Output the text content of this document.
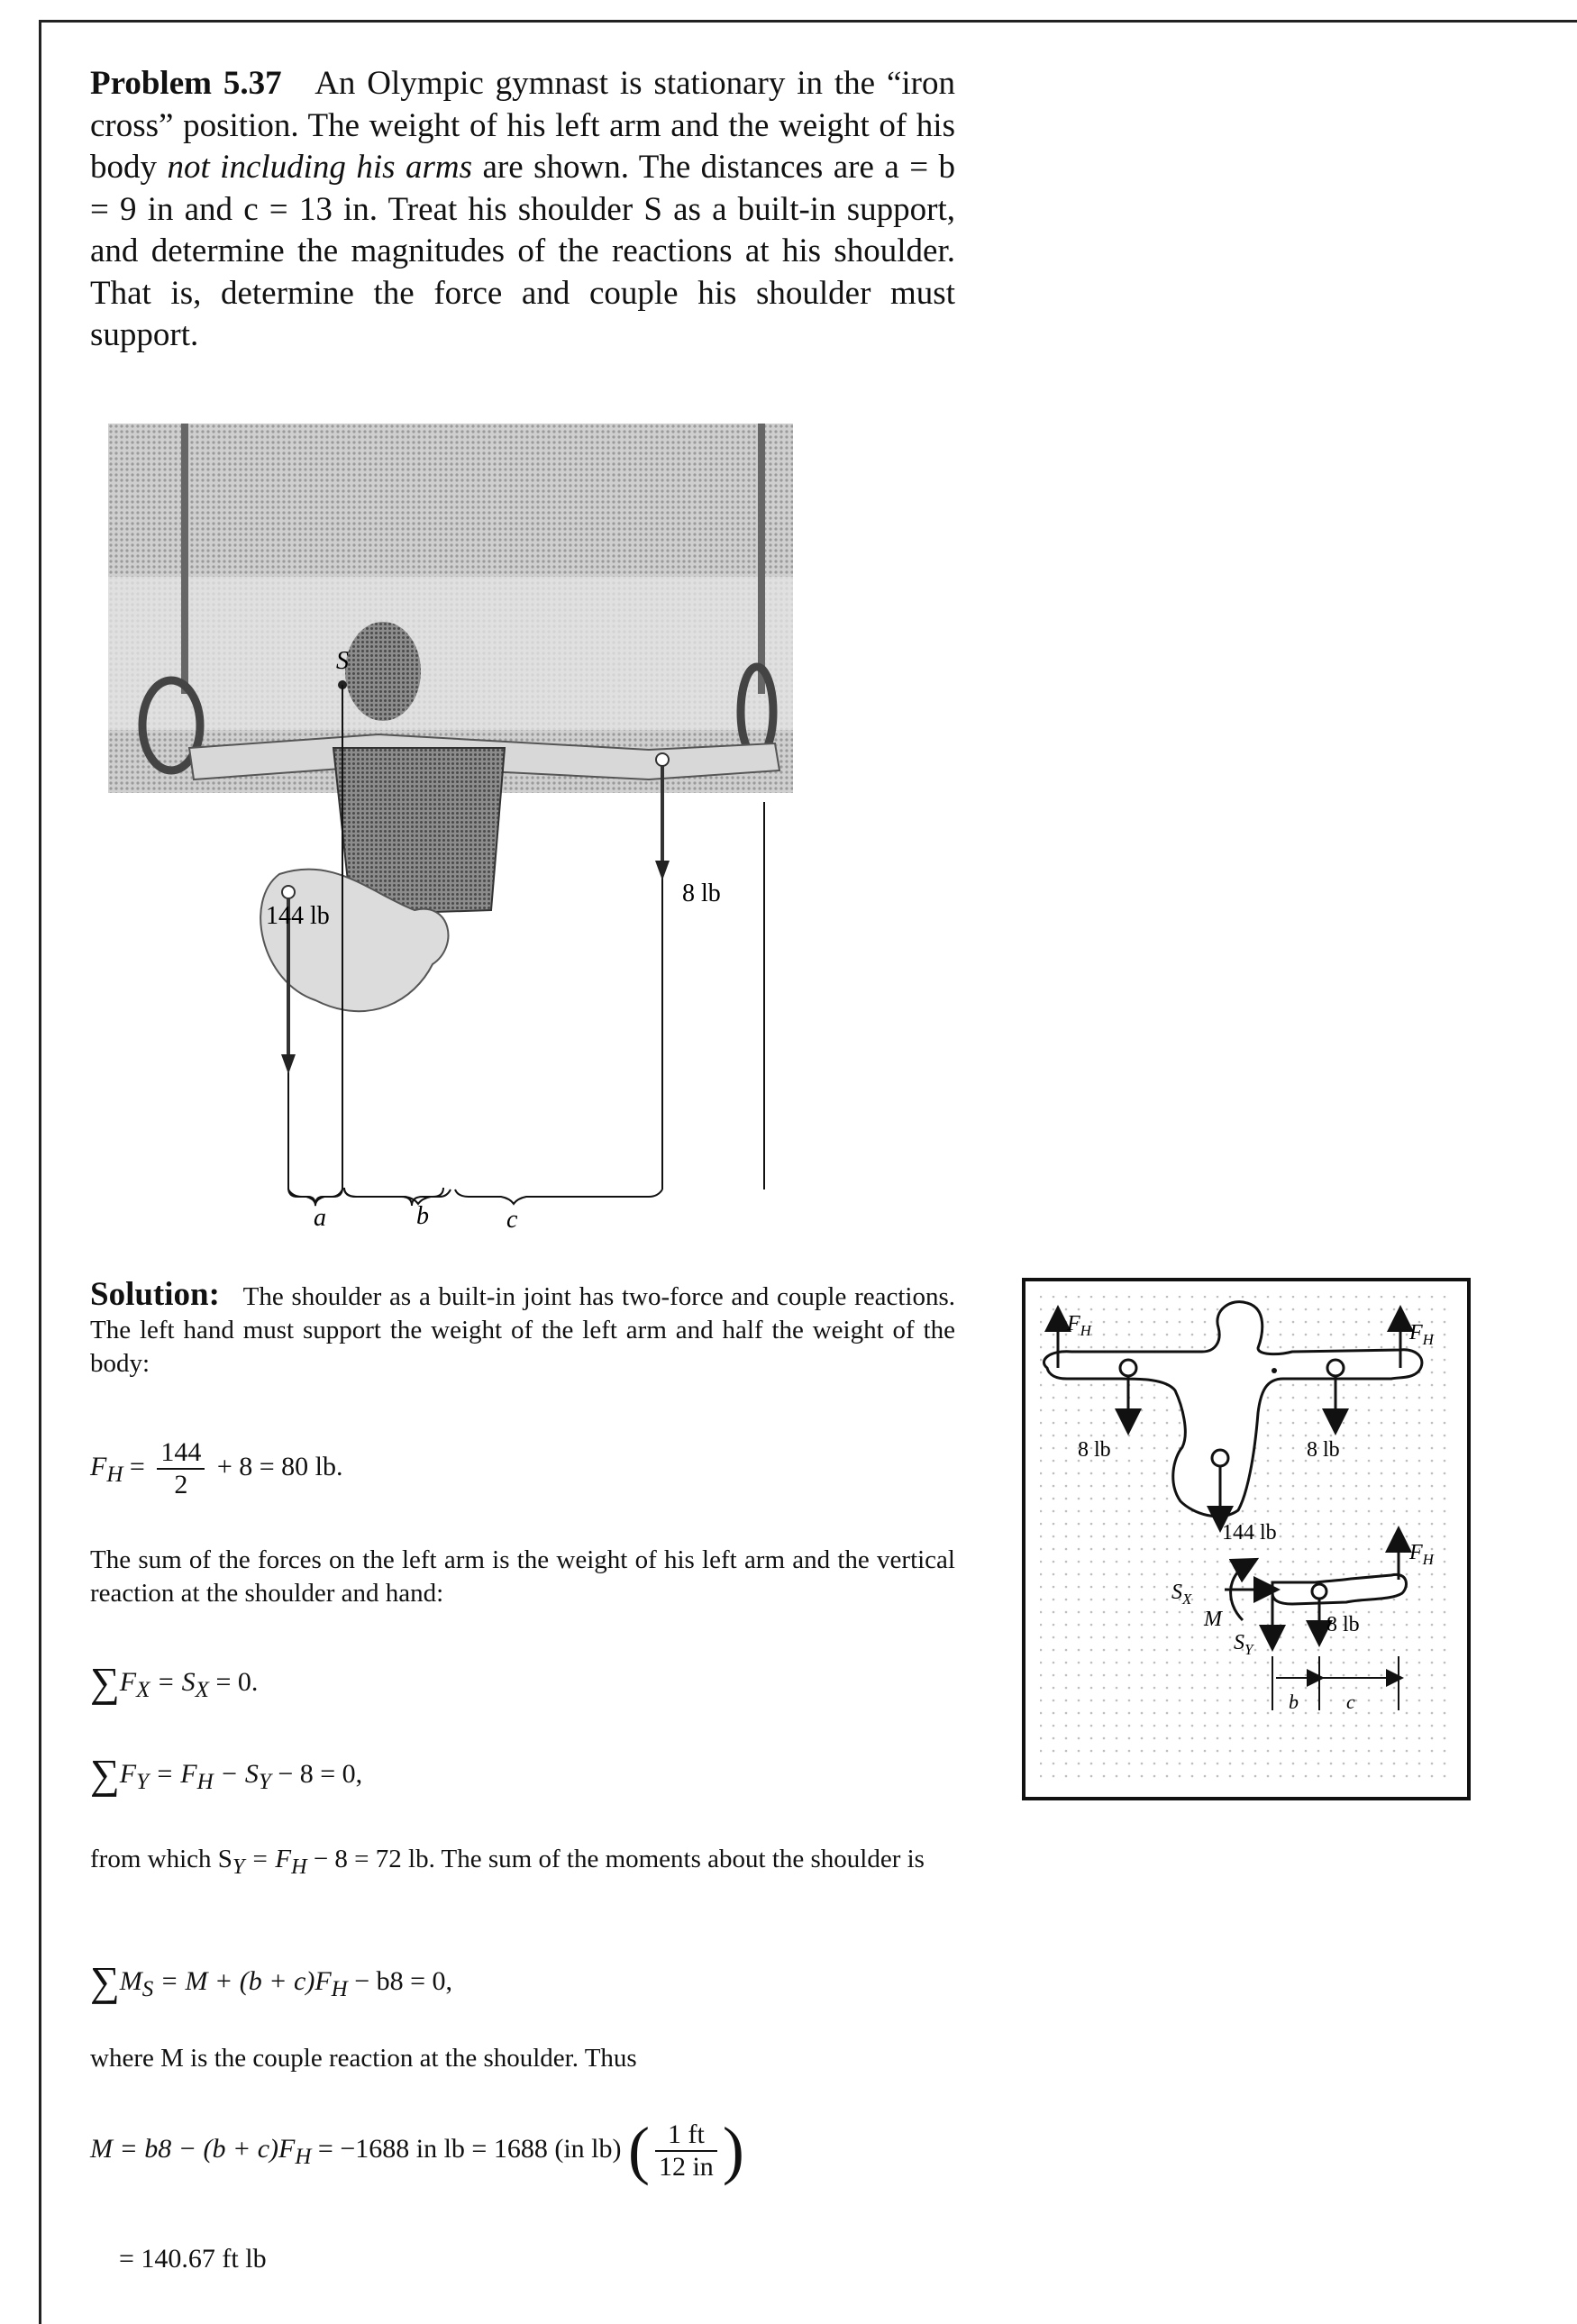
Problem 5.37 An Olympic gymnast is stationary in the “iron cross” position. The weight of his left arm and the weight of his body not including his arms are shown. The distances are a = b = 9 in and c = 13 in. Treat his shoulder S as a built-in support, and determine the magnitudes of the reactions at his shoulder. That is, determine the force and couple his shoulder must support.
S
144 lb
8 lb
a	b	c

Solution: The shoulder as a built-in joint has two-force and couple reactions. The left hand must support the weight of the left arm and half the weight of the body:

$F_H = \frac{144}{2} + 8 = 80$ lb.
The sum of the forces on the left arm is the weight of his left arm and the vertical reaction at the shoulder and hand:
$\sum F_X = S_X = 0$.
$\sum F_Y = F_H - S_Y - 8 = 0$,
from which $S_Y = F_H - 8 = 72$ lb. The sum of the moments about the shoulder is
$\sum M_S = M + (b + c)F_H - b8 = 0$,
where M is the couple reaction at the shoulder. Thus
$M = b8 - (b + c)F_H = -1688$ in lb = 1688 (in lb) ( $\frac{1 ft}{12 in}$ )
= 140.67 ft lb
$F_H$	$F_H$
8 lb	8 lb
144 lb
$F_H$
$S_X$
M
$S_Y$
8 lb
b c
